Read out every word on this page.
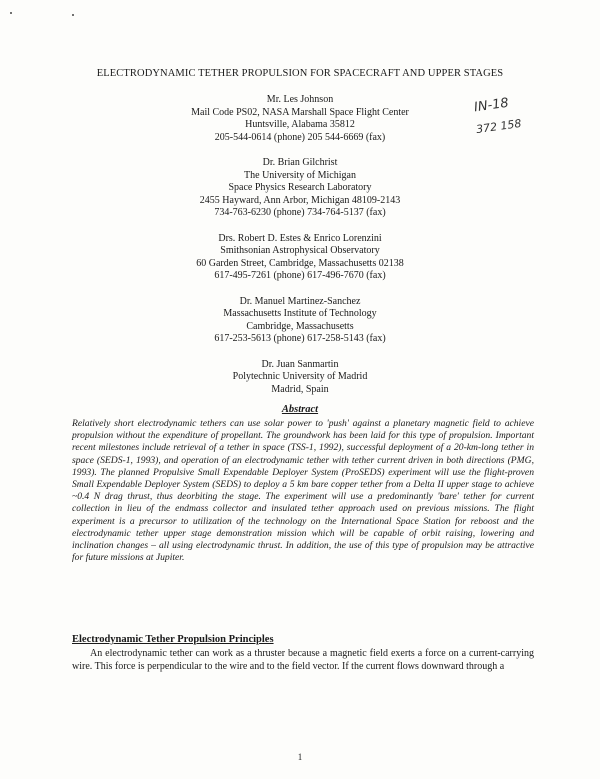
ELECTRODYNAMIC TETHER PROPULSION FOR SPACECRAFT AND UPPER STAGES
Mr. Les Johnson
Mail Code PS02, NASA Marshall Space Flight Center
Huntsville, Alabama 35812
205-544-0614 (phone) 205 544-6669 (fax)
Dr. Brian Gilchrist
The University of Michigan
Space Physics Research Laboratory
2455 Hayward, Ann Arbor, Michigan 48109-2143
734-763-6230 (phone) 734-764-5137 (fax)
Drs. Robert D. Estes & Enrico Lorenzini
Smithsonian Astrophysical Observatory
60 Garden Street, Cambridge, Massachusetts 02138
617-495-7261 (phone) 617-496-7670 (fax)
Dr. Manuel Martinez-Sanchez
Massachusetts Institute of Technology
Cambridge, Massachusetts
617-253-5613 (phone) 617-258-5143 (fax)
Dr. Juan Sanmartin
Polytechnic University of Madrid
Madrid, Spain
IN-18
372 158
Abstract
Relatively short electrodynamic tethers can use solar power to 'push' against a planetary magnetic field to achieve propulsion without the expenditure of propellant. The groundwork has been laid for this type of propulsion. Important recent milestones include retrieval of a tether in space (TSS-1, 1992), successful deployment of a 20-km-long tether in space (SEDS-1, 1993), and operation of an electrodynamic tether with tether current driven in both directions (PMG, 1993). The planned Propulsive Small Expendable Deployer System (ProSEDS) experiment will use the flight-proven Small Expendable Deployer System (SEDS) to deploy a 5 km bare copper tether from a Delta II upper stage to achieve ~0.4 N drag thrust, thus deorbiting the stage. The experiment will use a predominantly 'bare' tether for current collection in lieu of the endmass collector and insulated tether approach used on previous missions. The flight experiment is a precursor to utilization of the technology on the International Space Station for reboost and the electrodynamic tether upper stage demonstration mission which will be capable of orbit raising, lowering and inclination changes – all using electrodynamic thrust. In addition, the use of this type of propulsion may be attractive for future missions at Jupiter.
Electrodynamic Tether Propulsion Principles
An electrodynamic tether can work as a thruster because a magnetic field exerts a force on a current-carrying wire. This force is perpendicular to the wire and to the field vector. If the current flows downward through a
1
